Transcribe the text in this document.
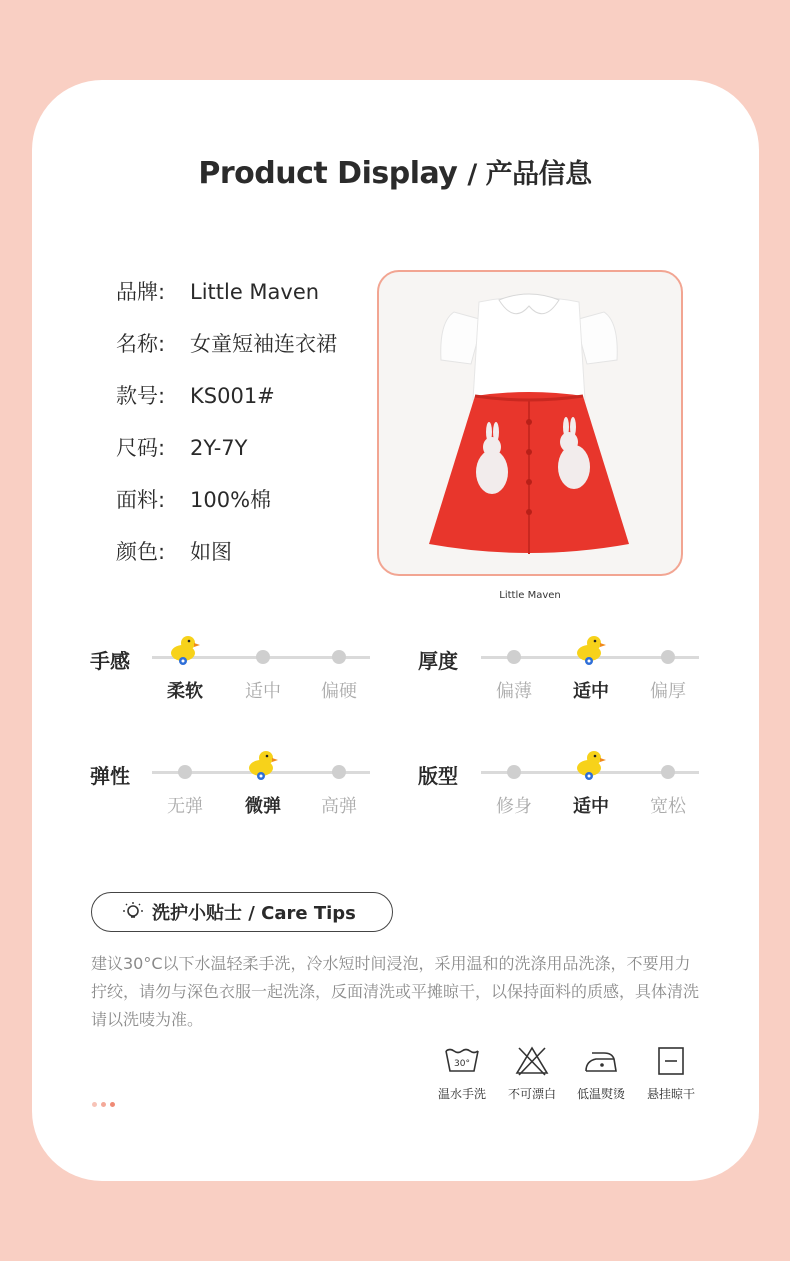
Product Display / 产品信息
品牌: Little Maven
名称: 女童短袖连衣裙
款号: KS001#
尺码: 2Y-7Y
面料: 100%棉
颜色: 如图
Little Maven
手感
柔软	适中	偏硬
厚度
偏薄	适中	偏厚
弹性
无弹	微弹	高弹
版型
修身	适中	宽松
洗护小贴士 / Care Tips
建议30°C以下水温轻柔手洗，冷水短时间浸泡，采用温和的洗涤用品洗涤，不要用力拧绞，请勿与深色衣服一起洗涤，反面清洗或平摊晾干，以保持面料的质感，具体清洗请以洗唛为准。
30°
温水手洗	不可漂白	低温熨烫	悬挂晾干
